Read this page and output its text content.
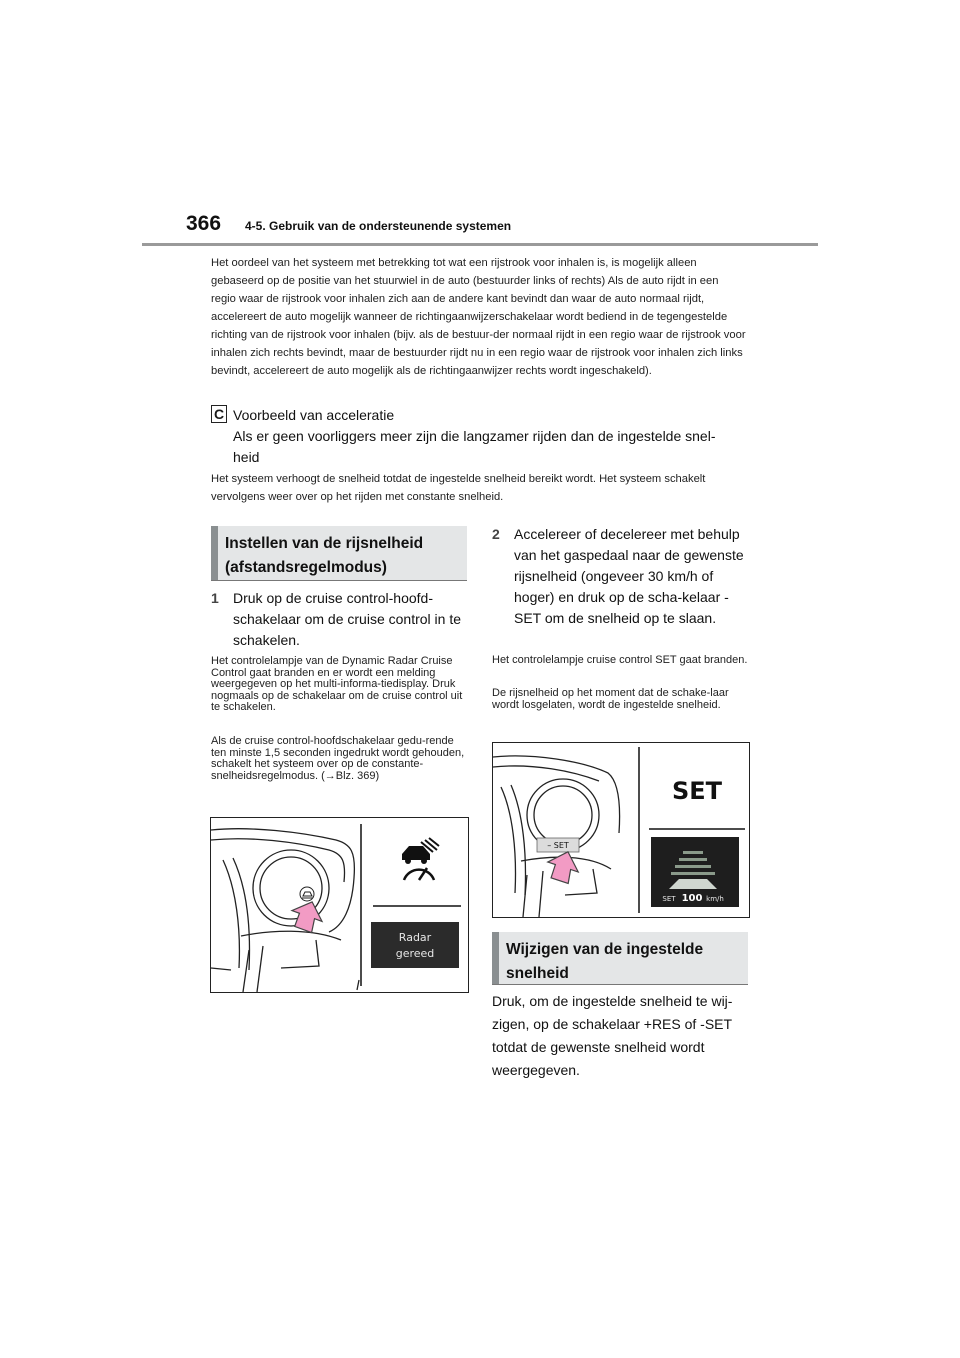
366 4-5. Gebruik van de ondersteunende systemen
Het oordeel van het systeem met betrekking tot wat een rijstrook voor inhalen is, is mogelijk alleen gebaseerd op de positie van het stuurwiel in de auto (bestuurder links of rechts) Als de auto rijdt in een regio waar de rijstrook voor inhalen zich aan de andere kant bevindt dan waar de auto normaal rijdt, accelereert de auto mogelijk wanneer de richtingaanwijzerschakelaar wordt bediend in de tegengestelde richting van de rijstrook voor inhalen (bijv. als de bestuur-der normaal rijdt in een regio waar de rijstrook voor inhalen zich rechts bevindt, maar de bestuurder rijdt nu in een regio waar de rijstrook voor inhalen zich links bevindt, accelereert de auto mogelijk als de richtingaanwijzer rechts wordt ingeschakeld).
C Voorbeeld van acceleratie
Als er geen voorliggers meer zijn die langzamer rijden dan de ingestelde snel-
heid
Het systeem verhoogt de snelheid totdat de ingestelde snelheid bereikt wordt. Het systeem schakelt vervolgens weer over op het rijden met constante snelheid.
Instellen van de rijsnelheid (afstandsregelmodus)
1 Druk op de cruise control-hoofd-schakelaar om de cruise control in te schakelen.
Het controlelampje van de Dynamic Radar Cruise Control gaat branden en er wordt een melding weergegeven op het multi-informa-tiedisplay. Druk nogmaals op de schakelaar om de cruise control uit te schakelen.
Als de cruise control-hoofdschakelaar gedu-rende ten minste 1,5 seconden ingedrukt wordt gehouden, schakelt het systeem over op de constante-snelheidsregelmodus. (→Blz. 369)
Radar
gereed
2 Accelereer of decelereer met behulp van het gaspedaal naar de gewenste rijsnelheid (ongeveer 30 km/h of hoger) en druk op de scha-kelaar -SET om de snelheid op te slaan.
Het controlelampje cruise control SET gaat branden.
De rijsnelheid op het moment dat de schake-laar wordt losgelaten, wordt de ingestelde snelheid.
– SET
SET
SET 100 km/h
Wijzigen van de ingestelde snelheid
Druk, om de ingestelde snelheid te wij-
zigen, op de schakelaar +RES of -SET
totdat de gewenste snelheid wordt
weergegeven.
